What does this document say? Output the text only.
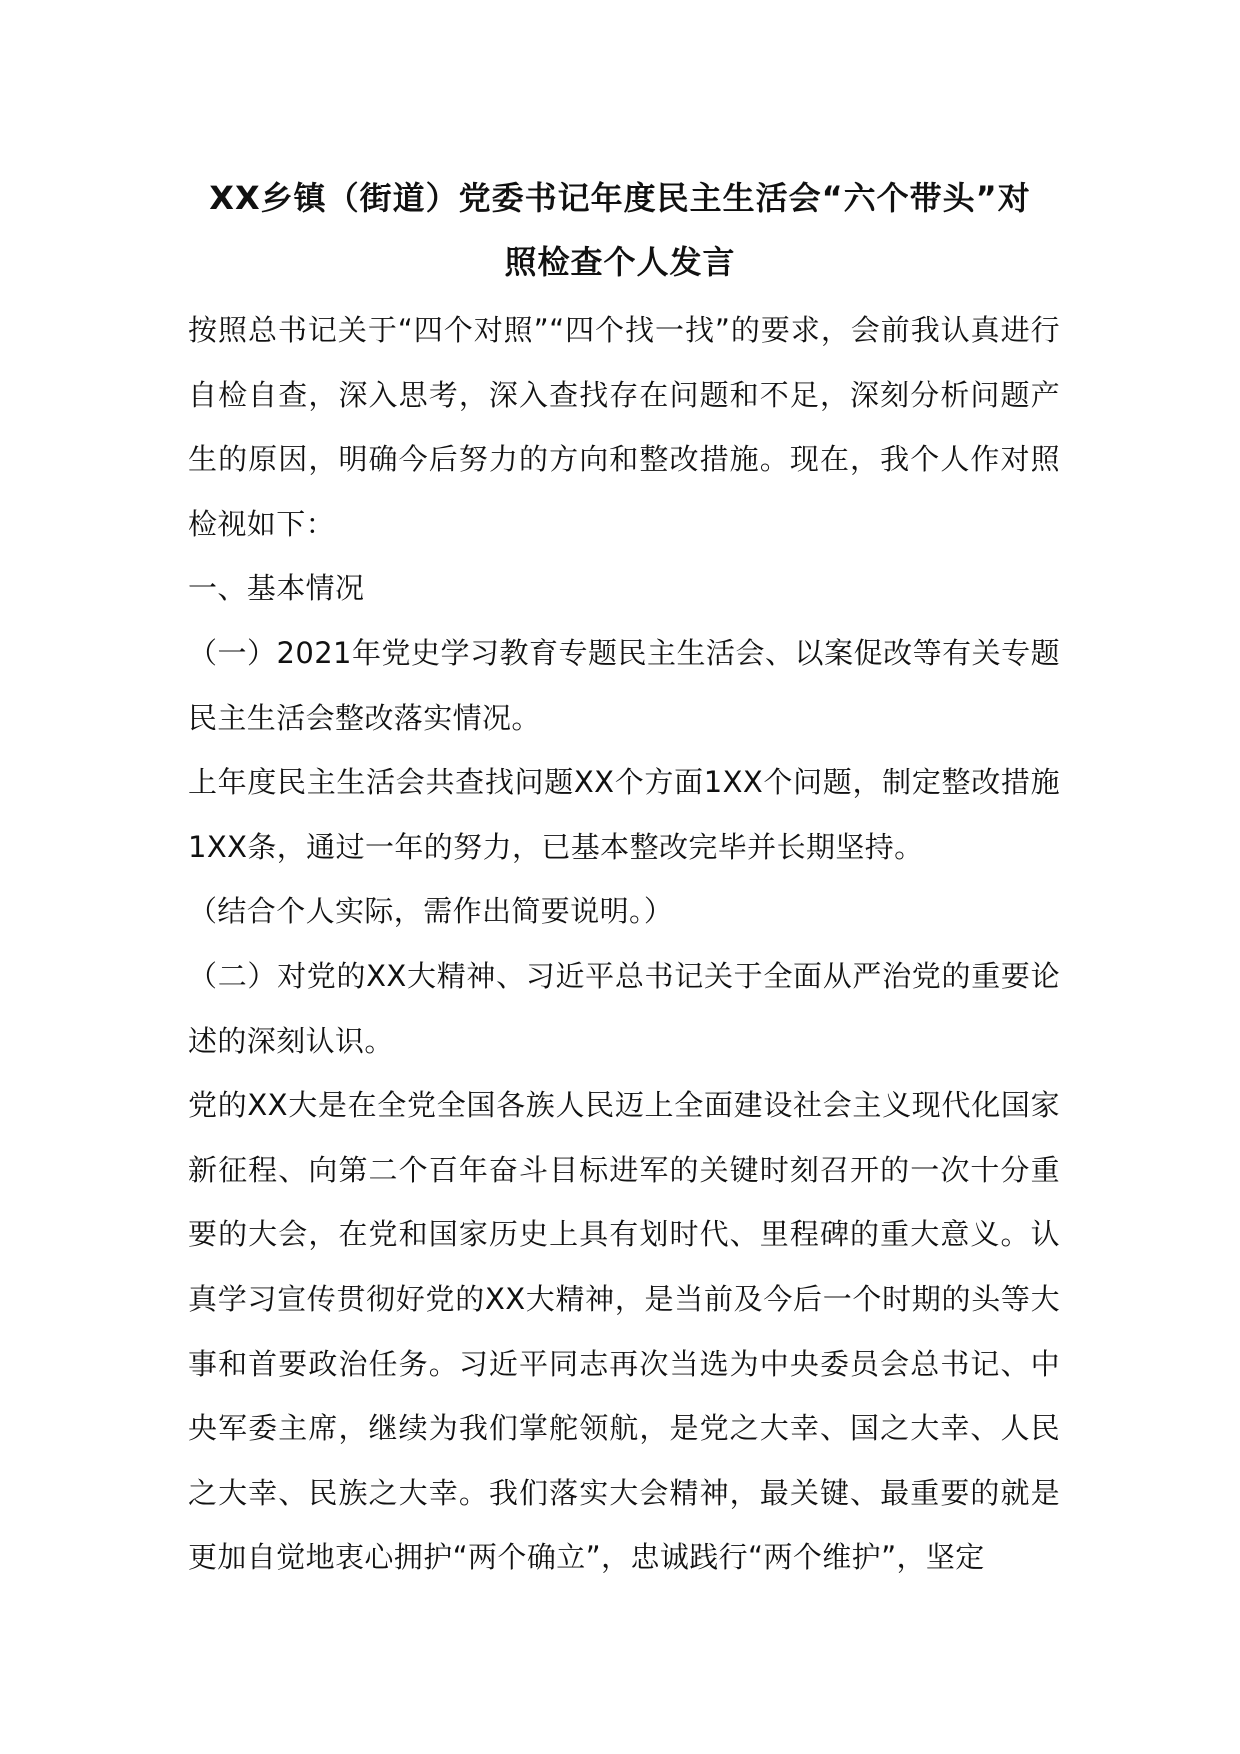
XX乡镇（街道）党委书记年度民主生活会“六个带头”对
照检查个人发言

按照总书记关于“四个对照”“四个找一找”的要求，会前我认真进行自检自查，深入思考，深入查找存在问题和不足，深刻分析问题产生的原因，明确今后努力的方向和整改措施。现在，我个人作对照检视如下：

一、基本情况

（一）2021年党史学习教育专题民主生活会、以案促改等有关专题民主生活会整改落实情况。

上年度民主生活会共查找问题XX个方面1XX个问题，制定整改措施1XX条，通过一年的努力，已基本整改完毕并长期坚持。

（结合个人实际，需作出简要说明。）

（二）对党的XX大精神、习近平总书记关于全面从严治党的重要论述的深刻认识。

党的XX大是在全党全国各族人民迈上全面建设社会主义现代化国家新征程、向第二个百年奋斗目标进军的关键时刻召开的一次十分重要的大会，在党和国家历史上具有划时代、里程碑的重大意义。认真学习宣传贯彻好党的XX大精神，是当前及今后一个时期的头等大事和首要政治任务。习近平同志再次当选为中央委员会总书记、中央军委主席，继续为我们掌舵领航，是党之大幸、国之大幸、人民之大幸、民族之大幸。我们落实大会精神，最关键、最重要的就是更加自觉地衷心拥护“两个确立”，忠诚践行“两个维护”，坚定
